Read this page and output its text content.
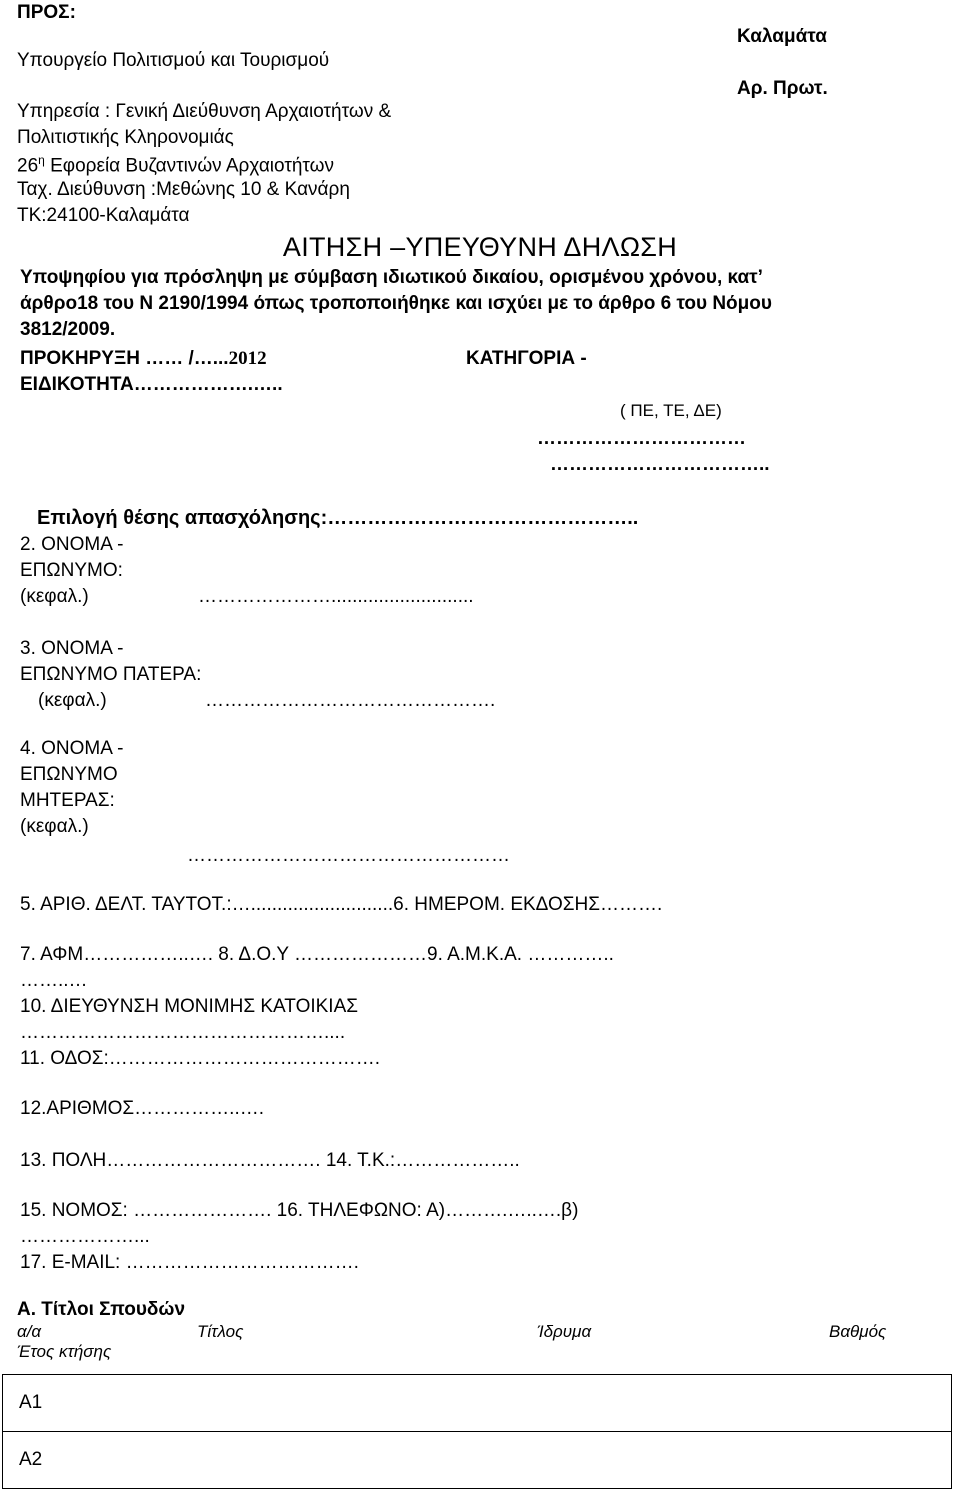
ΠΡΟΣ:
Υπουργείο Πολιτισμού και Τουρισμού
Υπηρεσία : Γενική Διεύθυνση Αρχαιοτήτων &
Πολιτιστικής Κληρονομιάς
$26^\eta$ Εφορεία Βυζαντινών Αρχαιοτήτων
Ταχ. Διεύθυνση :Μεθώνης 10 & Κανάρη
ΤΚ:24100-Καλαμάτα
Καλαμάτα
Αρ. Πρωτ.
ΑΙΤΗΣΗ –ΥΠΕΥΘΥΝΗ ΔΗΛΩΣΗ
Υποψηφίου για πρόσληψη με σύμβαση ιδιωτικού δικαίου, ορισμένου χρόνου, κατ’
άρθρο18 του Ν 2190/1994 όπως τροποποιήθηκε και ισχύει με το άρθρο 6 του Νόμου
3812/2009.
ΠΡΟΚΗΡΥΞΗ …… /…...2012	ΚΑΤΗΓΟΡΙΑ -
ΕΙΔΙΚΟΤΗΤΑ……………….…..
( ΠΕ, ΤΕ, ΔΕ)
……………………………
……………………………..
Επιλογή θέσης απασχόλησης:………………………………………..
2. ΟΝΟΜΑ -
ΕΠΩΝΥΜΟ:
(κεφαλ.)	…………………...........................
3. ΟΝΟΜΑ -
ΕΠΩΝΥΜΟ ΠΑΤΕΡΑ:
(κεφαλ.)	……………………………………….
4. ΟΝΟΜΑ -
ΕΠΩΝΥΜΟ
ΜΗΤΕΡΑΣ:
(κεφαλ.)
……………………………………………
5. ΑΡΙΘ. ΔΕΛΤ. ΤΑΥΤΟΤ.:…...........................6. ΗΜΕΡΟΜ. ΕΚΔΟΣΗΣ……….
7. ΑΦΜ……………..…. 8. Δ.Ο.Υ …………………9. Α.Μ.Κ.Α. …………..
……..…
10. ΔΙΕΥΘΥΝΣΗ ΜΟΝΙΜΗΣ ΚΑΤΟΙΚΙΑΣ
…………………………………………....
11. ΟΔΟΣ:…………………………………….
12.ΑΡΙΘΜΟΣ……………..….
13. ΠΟΛΗ……………………………. 14. Τ.Κ.:………………..
15. ΝΟΜΟΣ: …………………. 16. ΤΗΛΕΦΩΝΟ: Α)……….…..….β)
………………...
17. E-MAIL: ……………………………….
Α. Τίτλοι Σπουδών
α/α	Τίτλος	Ίδρυμα	Βαθμός
Έτος κτήσης
Α1
Α2
